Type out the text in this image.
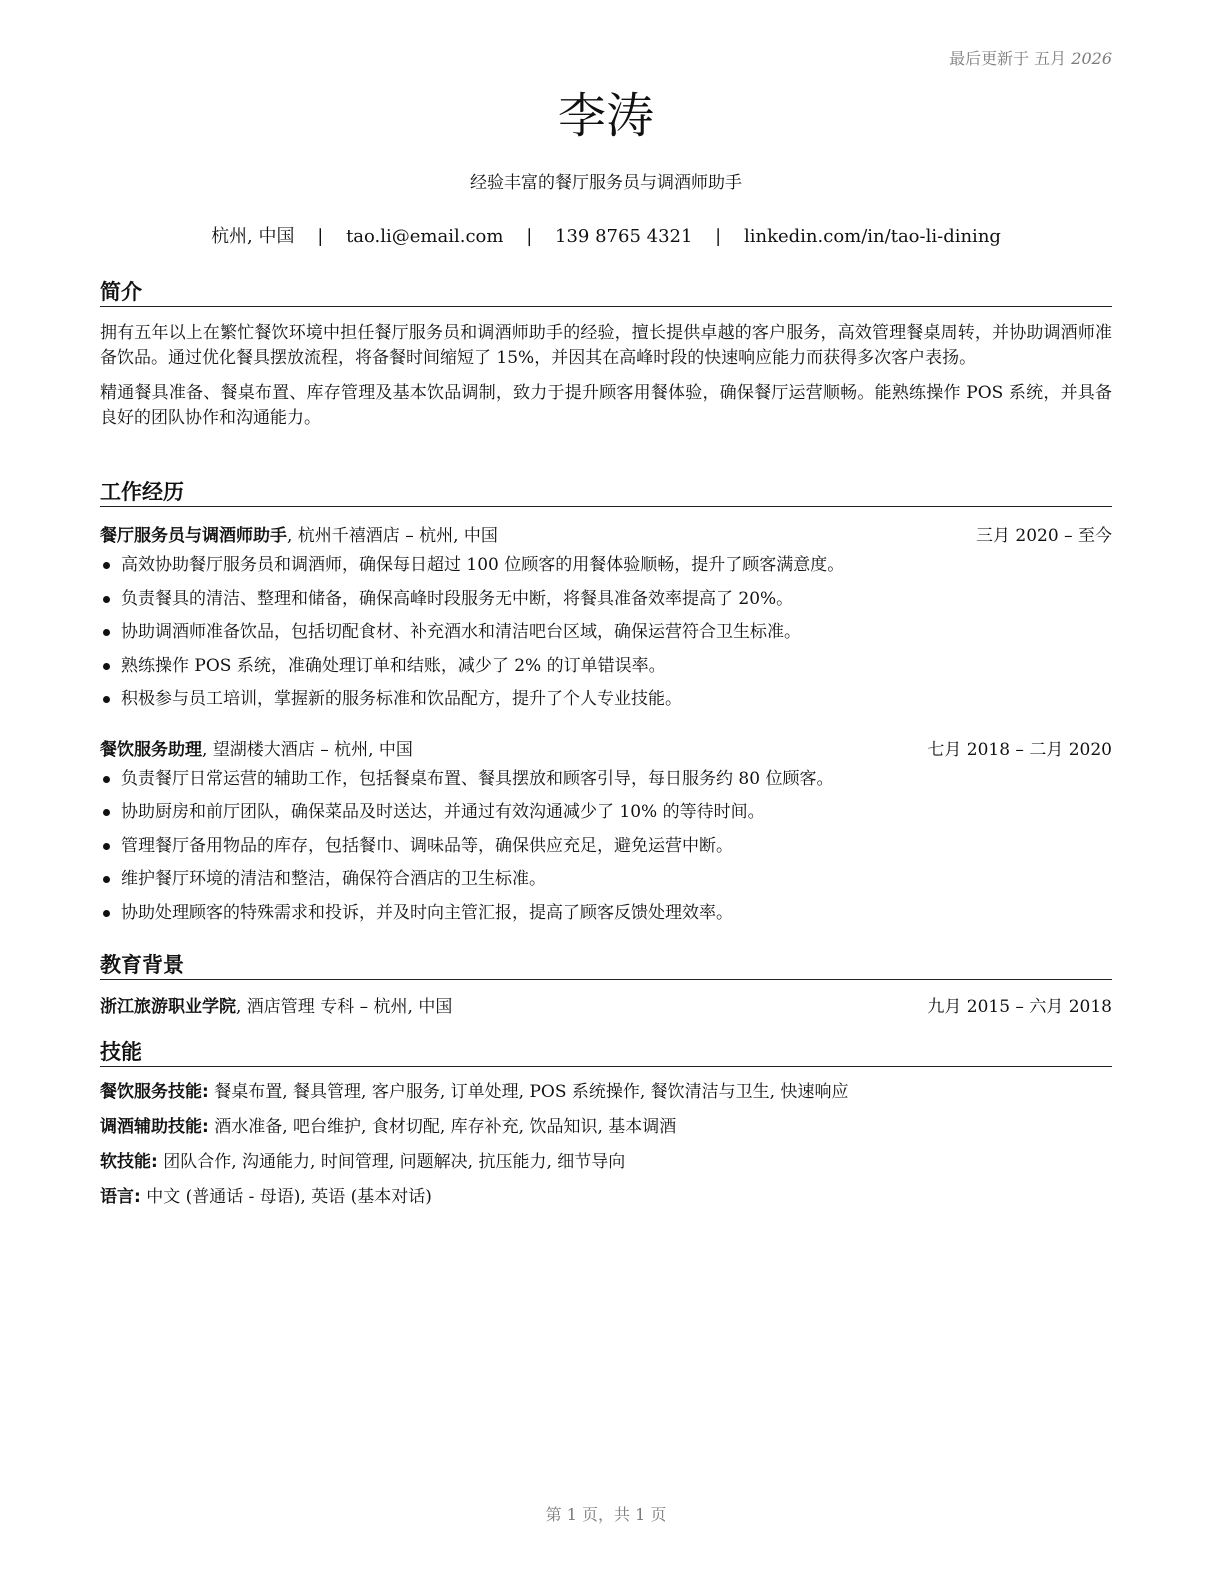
最后更新于 五月 2026
李涛
经验丰富的餐厅服务员与调酒师助手
杭州, 中国 | tao.li@email.com | 139 8765 4321 | linkedin.com/in/tao-li-dining
简介

拥有五年以上在繁忙餐饮环境中担任餐厅服务员和调酒师助手的经验，擅长提供卓越的客户服务，高效管理餐桌周转，并协助调酒师准备饮品。通过优化餐具摆放流程，将备餐时间缩短了 15%，并因其在高峰时段的快速响应能力而获得多次客户表扬。

精通餐具准备、餐桌布置、库存管理及基本饮品调制，致力于提升顾客用餐体验，确保餐厅运营顺畅。能熟练操作 POS 系统，并具备良好的团队协作和沟通能力。

工作经历
餐厅服务员与调酒师助手, 杭州千禧酒店 – 杭州, 中国	三月 2020 – 至今
高效协助餐厅服务员和调酒师，确保每日超过 100 位顾客的用餐体验顺畅，提升了顾客满意度。
负责餐具的清洁、整理和储备，确保高峰时段服务无中断，将餐具准备效率提高了 20%。
协助调酒师准备饮品，包括切配食材、补充酒水和清洁吧台区域，确保运营符合卫生标准。
熟练操作 POS 系统，准确处理订单和结账，减少了 2% 的订单错误率。
积极参与员工培训，掌握新的服务标准和饮品配方，提升了个人专业技能。
餐饮服务助理, 望湖楼大酒店 – 杭州, 中国	七月 2018 – 二月 2020
负责餐厅日常运营的辅助工作，包括餐桌布置、餐具摆放和顾客引导，每日服务约 80 位顾客。
协助厨房和前厅团队，确保菜品及时送达，并通过有效沟通减少了 10% 的等待时间。
管理餐厅备用物品的库存，包括餐巾、调味品等，确保供应充足，避免运营中断。
维护餐厅环境的清洁和整洁，确保符合酒店的卫生标准。
协助处理顾客的特殊需求和投诉，并及时向主管汇报，提高了顾客反馈处理效率。
教育背景
浙江旅游职业学院, 酒店管理 专科 – 杭州, 中国	九月 2015 – 六月 2018
技能
餐饮服务技能: 餐桌布置, 餐具管理, 客户服务, 订单处理, POS 系统操作, 餐饮清洁与卫生, 快速响应
调酒辅助技能: 酒水准备, 吧台维护, 食材切配, 库存补充, 饮品知识, 基本调酒
软技能: 团队合作, 沟通能力, 时间管理, 问题解决, 抗压能力, 细节导向
语言: 中文 (普通话 - 母语), 英语 (基本对话)
第 1 页，共 1 页
